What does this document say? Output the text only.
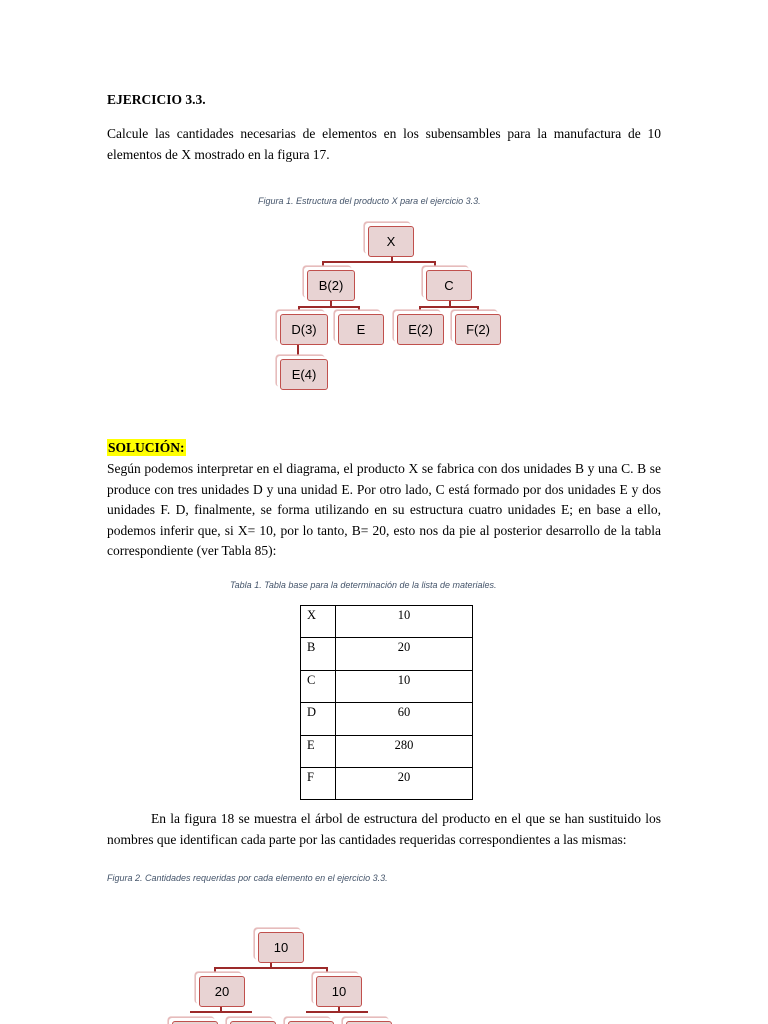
EJERCICIO 3.3.
Calcule las cantidades necesarias de elementos en los subensambles para la manufactura de 10 elementos de X mostrado en la figura 17.
Figura 1. Estructura del producto X para el ejercicio 3.3.
X
B(2)	C
D(3)	E	E(2)	F(2)
E(4)
SOLUCIÓN:
Según podemos interpretar en el diagrama, el producto X se fabrica con dos unidades B y una C. B se produce con tres unidades D y una unidad E. Por otro lado, C está formado por dos unidades E y dos unidades F. D, finalmente, se forma utilizando en su estructura cuatro unidades E; en base a ello, podemos inferir que, si X= 10, por lo tanto, B= 20, esto nos da pie al posterior desarrollo de la tabla correspondiente (ver Tabla 85):
Tabla 1. Tabla base para la determinación de la lista de materiales.
X	10
B	20
C	10
D	60
E	280
F	20
En la figura 18 se muestra el árbol de estructura del producto en el que se han sustituido los nombres que identifican cada parte por las cantidades requeridas correspondientes a las mismas:
Figura 2. Cantidades requeridas por cada elemento en el ejercicio 3.3.
10
20	10
